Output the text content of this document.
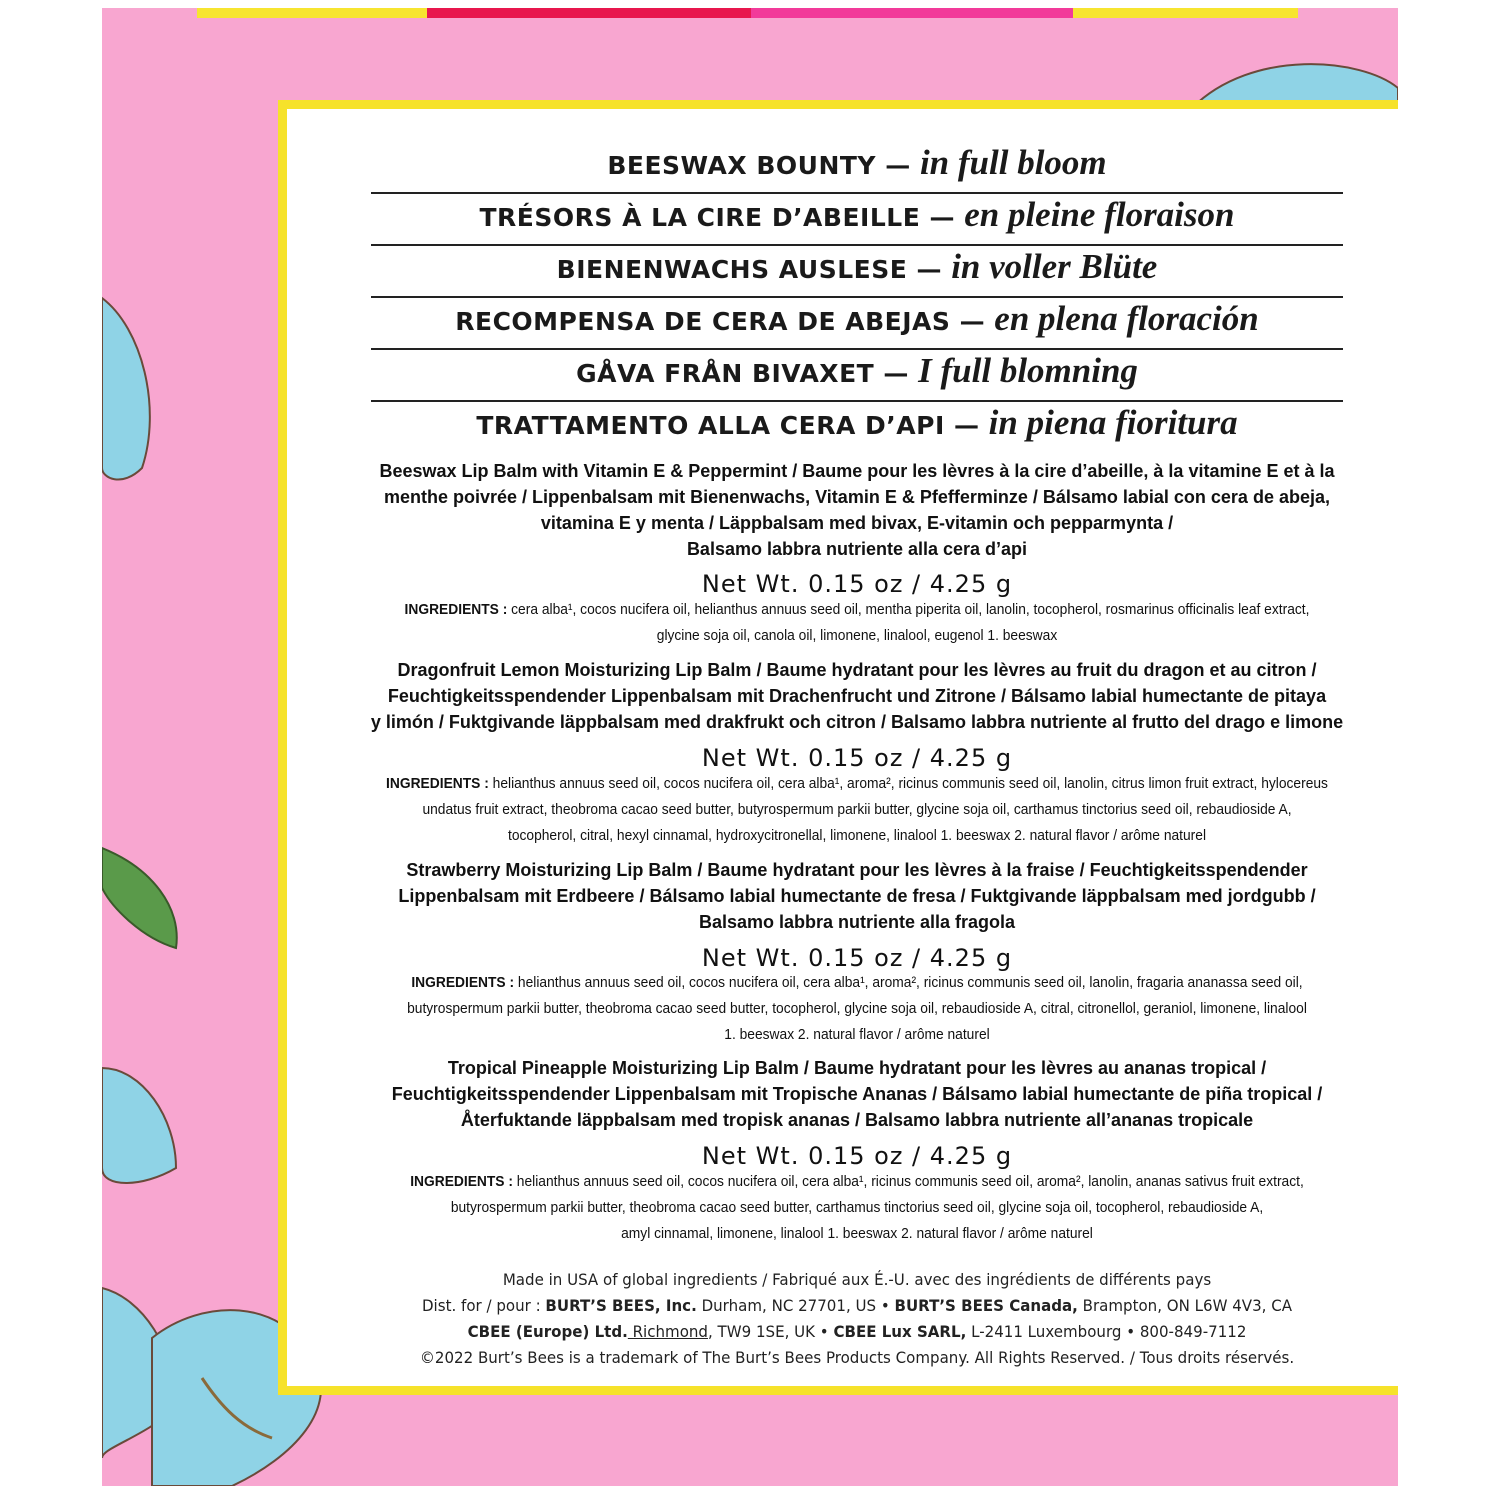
BEESWAX BOUNTY — in full bloom
TRÉSORS À LA CIRE D’ABEILLE — en pleine floraison
BIENENWACHS AUSLESE — in voller Blüte
RECOMPENSA DE CERA DE ABEJAS — en plena floración
GÅVA FRÅN BIVAXET — I full blomning
TRATTAMENTO ALLA CERA D’API — in piena fioritura
Beeswax Lip Balm with Vitamin E & Peppermint / Baume pour les lèvres à la cire d’abeille, à la vitamine E et à la
menthe poivrée / Lippenbalsam mit Bienenwachs, Vitamin E & Pfefferminze / Bálsamo labial con cera de abeja,
vitamina E y menta / Läppbalsam med bivax, E-vitamin och pepparmynta /
Balsamo labbra nutriente alla cera d’api
Net Wt. 0.15 oz / 4.25 g
INGREDIENTS : cera alba¹, cocos nucifera oil, helianthus annuus seed oil, mentha piperita oil, lanolin, tocopherol, rosmarinus officinalis leaf extract,
glycine soja oil, canola oil, limonene, linalool, eugenol 1. beeswax
Dragonfruit Lemon Moisturizing Lip Balm / Baume hydratant pour les lèvres au fruit du dragon et au citron /
Feuchtigkeitsspendender Lippenbalsam mit Drachenfrucht und Zitrone / Bálsamo labial humectante de pitaya
y limón / Fuktgivande läppbalsam med drakfrukt och citron / Balsamo labbra nutriente al frutto del drago e limone
Net Wt. 0.15 oz / 4.25 g
INGREDIENTS : helianthus annuus seed oil, cocos nucifera oil, cera alba¹, aroma², ricinus communis seed oil, lanolin, citrus limon fruit extract, hylocereus
undatus fruit extract, theobroma cacao seed butter, butyrospermum parkii butter, glycine soja oil, carthamus tinctorius seed oil, rebaudioside A,
tocopherol, citral, hexyl cinnamal, hydroxycitronellal, limonene, linalool 1. beeswax 2. natural flavor / arôme naturel
Strawberry Moisturizing Lip Balm / Baume hydratant pour les lèvres à la fraise / Feuchtigkeitsspendender
Lippenbalsam mit Erdbeere / Bálsamo labial humectante de fresa / Fuktgivande läppbalsam med jordgubb /
Balsamo labbra nutriente alla fragola
Net Wt. 0.15 oz / 4.25 g
INGREDIENTS : helianthus annuus seed oil, cocos nucifera oil, cera alba¹, aroma², ricinus communis seed oil, lanolin, fragaria ananassa seed oil,
butyrospermum parkii butter, theobroma cacao seed butter, tocopherol, glycine soja oil, rebaudioside A, citral, citronellol, geraniol, limonene, linalool
1. beeswax 2. natural flavor / arôme naturel
Tropical Pineapple Moisturizing Lip Balm / Baume hydratant pour les lèvres au ananas tropical /
Feuchtigkeitsspendender Lippenbalsam mit Tropische Ananas / Bálsamo labial humectante de piña tropical /
Återfuktande läppbalsam med tropisk ananas / Balsamo labbra nutriente all’ananas tropicale
Net Wt. 0.15 oz / 4.25 g
INGREDIENTS : helianthus annuus seed oil, cocos nucifera oil, cera alba¹, ricinus communis seed oil, aroma², lanolin, ananas sativus fruit extract,
butyrospermum parkii butter, theobroma cacao seed butter, carthamus tinctorius seed oil, glycine soja oil, tocopherol, rebaudioside A,
amyl cinnamal, limonene, linalool 1. beeswax 2. natural flavor / arôme naturel
Made in USA of global ingredients / Fabriqué aux É.-U. avec des ingrédients de différents pays
Dist. for / pour : BURT’S BEES, Inc. Durham, NC 27701, US • BURT’S BEES Canada, Brampton, ON L6W 4V3, CA
CBEE (Europe) Ltd. Richmond, TW9 1SE, UK • CBEE Lux SARL, L-2411 Luxembourg • 800-849-7112
©2022 Burt’s Bees is a trademark of The Burt’s Bees Products Company. All Rights Reserved. / Tous droits réservés.
